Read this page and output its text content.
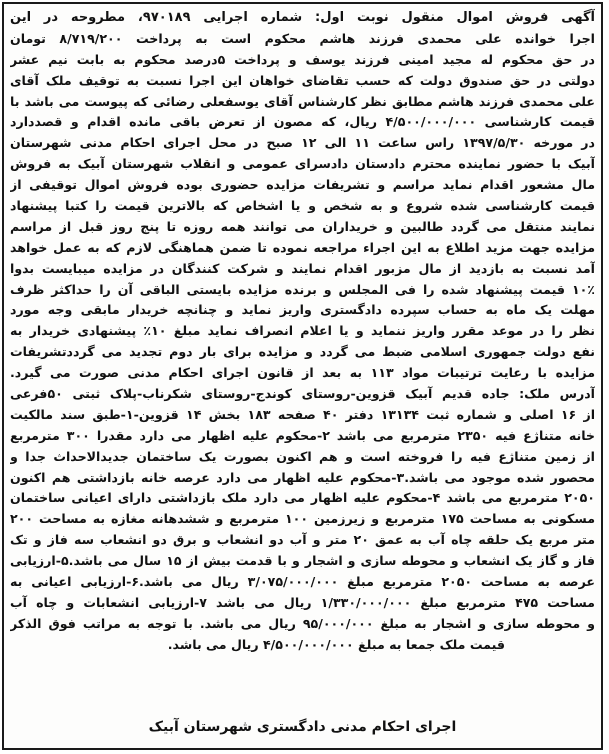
آگهی فروش اموال منقول نوبت اول: شماره اجرایی ۹۷۰۱۸۹، مطروحه در این
اجرا خوانده علی محمدی فرزند هاشم محکوم است به پرداخت ۸/۷۱۹/۲۰۰ تومان
در حق محکوم له مجید امینی فرزند یوسف و پرداخت ۵درصد محکوم به بابت نیم عشر
دولتی در حق صندوق دولت که حسب تقاضای خواهان این اجرا نسبت به توقیف ملک آقای
علی محمدی فرزند هاشم مطابق نظر کارشناس آقای یوسفعلی رضائی که پیوست می باشد با
قیمت کارشناسی ۴/۵۰۰/۰۰۰/۰۰۰ ریال، که مصون از تعرض باقی مانده اقدام و قصددارد
در مورخه ۱۳۹۷/۵/۳۰ راس ساعت ۱۱ الی ۱۲ صبح در محل اجرای احکام مدنی شهرستان
آبیک با حضور نماینده محترم دادستان دادسرای عمومی و انقلاب شهرستان آبیک به فروش
مال مشعور اقدام نماید مراسم و تشریفات مزایده حضوری بوده فروش اموال توقیفی از
قیمت کارشناسی شده شروع و به شخص و یا اشخاص که بالاترین قیمت را کتبا پیشنهاد
نمایند منتقل می گردد طالبین و خریداران می توانند همه روزه تا پنج روز قبل از مراسم
مزایده جهت مزید اطلاع به این اجراء مراجعه نموده تا ضمن هماهنگی لازم که به عمل خواهد
آمد نسبت به بازدید از مال مزبور اقدام نمایند و شرکت کنندگان در مزایده میبایست بدوا
۱۰٪ قیمت پیشنهاد شده را فی المجلس و برنده مزایده بایستی الباقی آن را حداکثر ظرف
مهلت یک ماه به حساب سپرده دادگستری واریز نماید و چنانچه خریدار مابقی وجه مورد
نظر را در موعد مقرر واریز ننماید و یا اعلام انصراف نماید مبلغ ۱۰٪ پیشنهادی خریدار به
نفع دولت جمهوری اسلامی ضبط می گردد و مزایده برای بار دوم تجدید می گرددتشریفات
مزایده با رعایت ترتیبات مواد ۱۱۳ به بعد از قانون اجرای احکام مدنی صورت می گیرد.
آدرس ملک: جاده قدیم آبیک قزوین-روستای کوندج-روستای شکرناب-پلاک ثبتی ۵۰فرعی
از ۱۶ اصلی و شماره ثبت ۱۳۱۳۴ دفتر ۴۰ صفحه ۱۸۳ بخش ۱۴ قزوین-۱-طبق سند مالکیت
خانه متناژع فیه ۲۳۵۰ مترمربع می باشد ۲-محکوم علیه اظهار می دارد مقدرا ۳۰۰ مترمربع
از زمین متناژع فیه را فروخته است و هم اکنون بصورت یک ساختمان جدیدالاحداث جدا و
محصور شده موجود می باشد.۳-محکوم علیه اظهار می دارد عرصه خانه بازداشتی هم اکنون
۲۰۵۰ مترمربع می باشد ۴-محکوم علیه اظهار می دارد ملک بازداشتی دارای اعیانی ساختمان
مسکونی به مساحت ۱۷۵ مترمربع و زیرزمین ۱۰۰ مترمربع و ششدهانه مغازه به مساحت ۲۰۰
متر مربع یک حلقه چاه آب به عمق ۲۰ متر و آب دو انشعاب و برق دو انشعاب سه فاز و تک
فاز و گاز یک انشعاب و محوطه سازی و اشجار و با قدمت بیش از ۱۵ سال می باشد.۵-ارزیابی
عرصه به مساحت ۲۰۵۰ مترمربع مبلغ ۳/۰۷۵/۰۰۰/۰۰۰ ریال می باشد.۶-ارزیابی اعیانی به
مساحت ۴۷۵ مترمربع مبلغ ۱/۳۳۰/۰۰۰/۰۰۰ ریال می باشد ۷-ارزیابی انشعابات و چاه آب
و محوطه سازی و اشجار به مبلغ ۹۵/۰۰۰/۰۰۰ ریال می باشد. با توجه به مراتب فوق الذکر
قیمت ملک جمعا به مبلغ ۴/۵۰۰/۰۰۰/۰۰۰ ریال می باشد.
اجرای احکام مدنی دادگستری شهرستان آبیک
